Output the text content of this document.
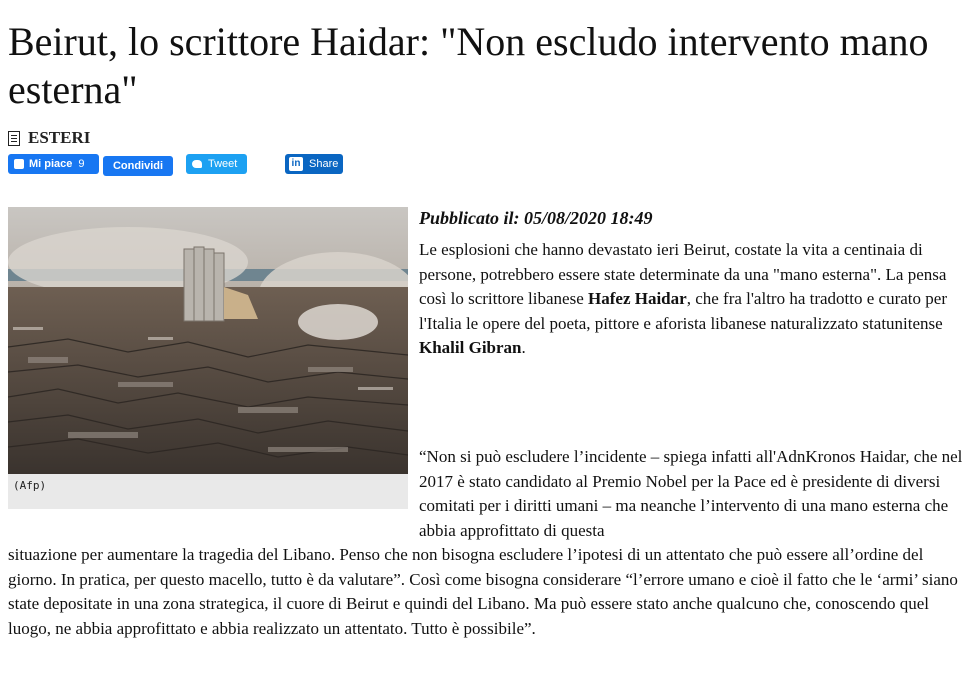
Beirut, lo scrittore Haidar: "Non escludo intervento mano esterna"
ESTERI
Mi piace 9	Condividi	Tweet	in Share
(Afp)
Pubblicato il: 05/08/2020 18:49

Le esplosioni che hanno devastato ieri Beirut, costate la vita a centinaia di persone, potrebbero essere state determinate da una "mano esterna". La pensa così lo scrittore libanese Hafez Haidar, che fra l'altro ha tradotto e curato per l'Italia le opere del poeta, pittore e aforista libanese naturalizzato statunitense Khalil Gibran.

“Non si può escludere l’incidente – spiega infatti all'AdnKronos Haidar, che nel 2017 è stato candidato al Premio Nobel per la Pace ed è presidente di diversi comitati per i diritti umani – ma neanche l’intervento di una mano esterna che abbia approfittato di questa

situazione per aumentare la tragedia del Libano. Penso che non bisogna escludere l’ipotesi di un attentato che può essere all’ordine del giorno. In pratica, per questo macello, tutto è da valutare”. Così come bisogna considerare “l’errore umano e cioè il fatto che le ‘armi’ siano state depositate in una zona strategica, il cuore di Beirut e quindi del Libano. Ma può essere stato anche qualcuno che, conoscendo quel luogo, ne abbia approfittato e abbia realizzato un attentato. Tutto è possibile”.
